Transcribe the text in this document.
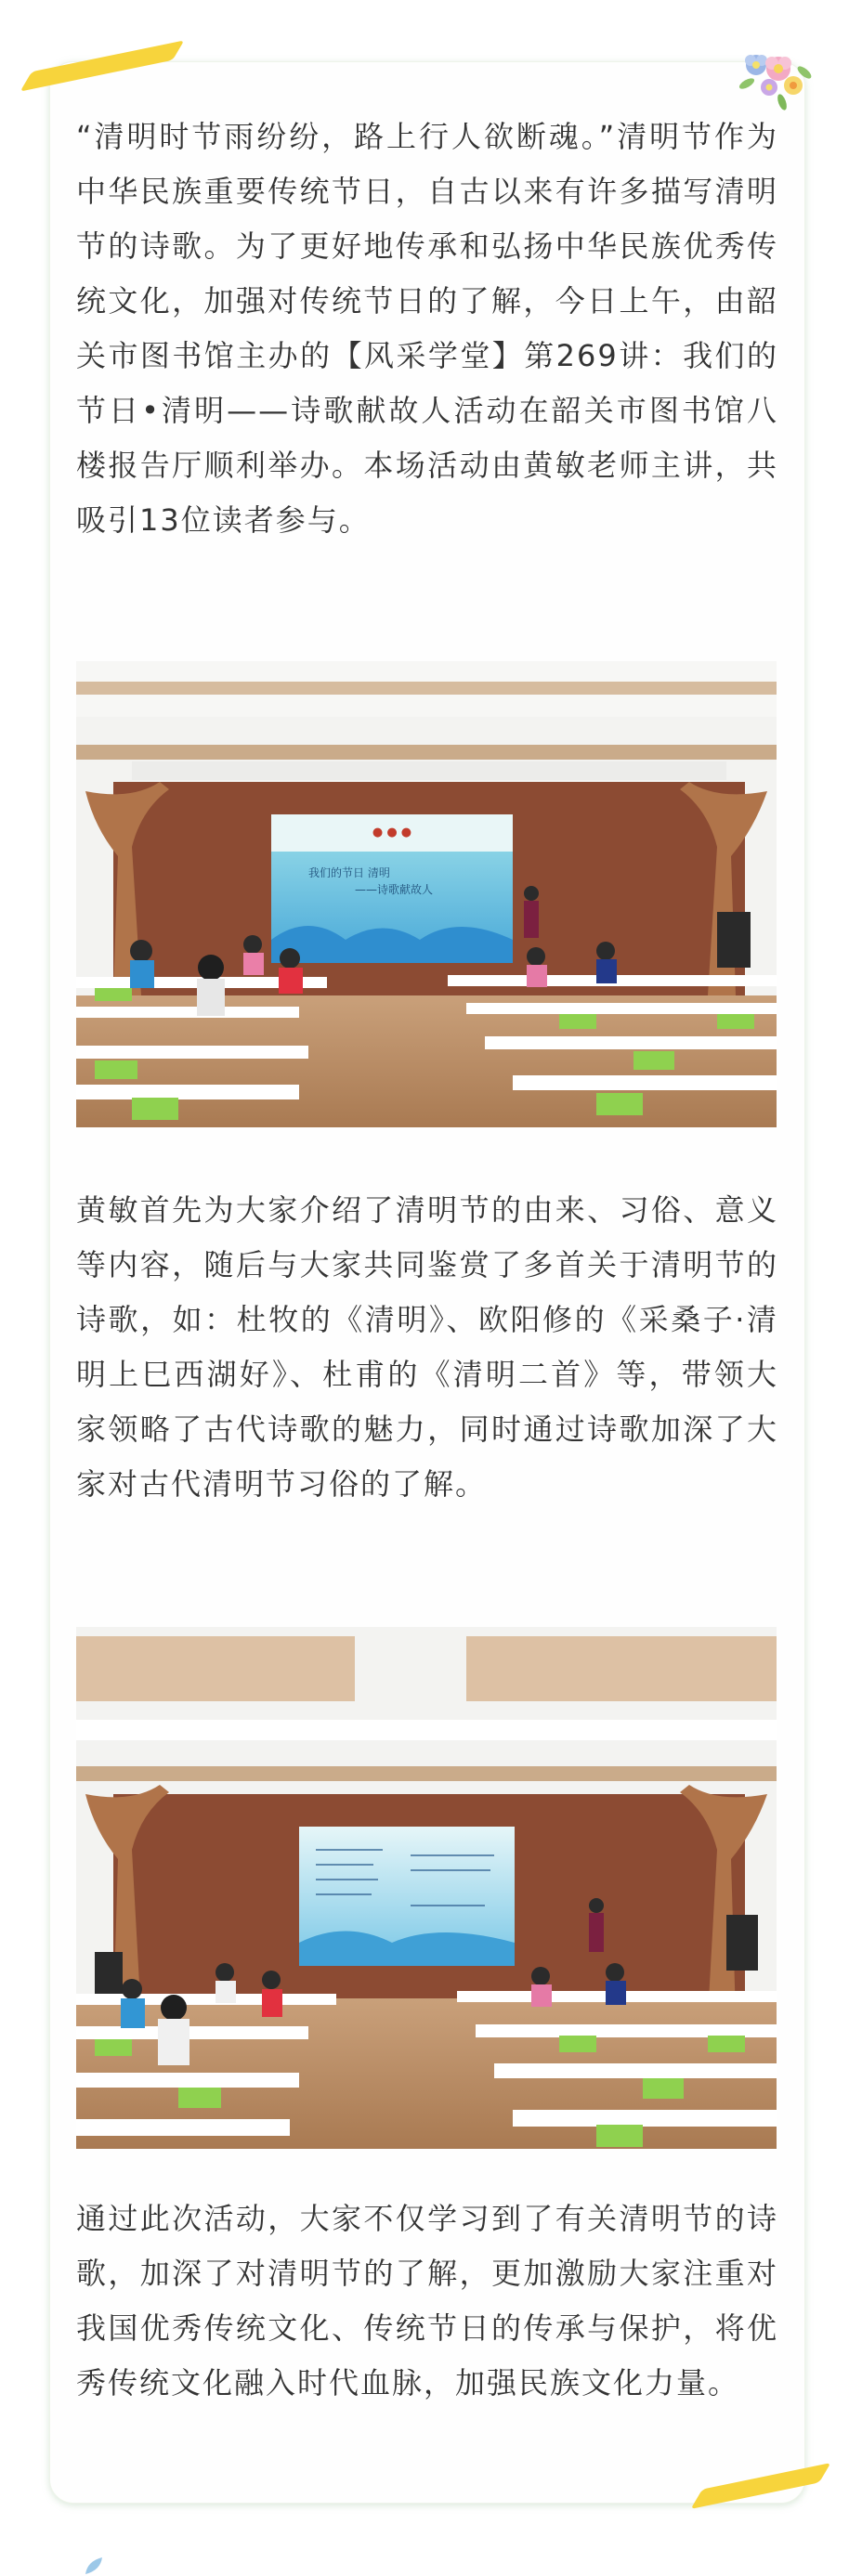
“清明时节雨纷纷，路上行人欲断魂。”清明节作为中华民族重要传统节日，自古以来有许多描写清明节的诗歌。为了更好地传承和弘扬中华民族优秀传统文化，加强对传统节日的了解，今日上午，由韶关市图书馆主办的【风采学堂】第269讲：我们的节日•清明——诗歌献故人活动在韶关市图书馆八楼报告厅顺利举办。本场活动由黄敏老师主讲，共吸引13位读者参与。

● ● ●
我们的节日 清明
——诗歌献故人

黄敏首先为大家介绍了清明节的由来、习俗、意义等内容，随后与大家共同鉴赏了多首关于清明节的诗歌，如：杜牧的《清明》、欧阳修的《采桑子·清明上巳西湖好》、杜甫的《清明二首》等，带领大家领略了古代诗歌的魅力，同时通过诗歌加深了大家对古代清明节习俗的了解。

通过此次活动，大家不仅学习到了有关清明节的诗歌，加深了对清明节的了解，更加激励大家注重对我国优秀传统文化、传统节日的传承与保护，将优秀传统文化融入时代血脉，加强民族文化力量。
